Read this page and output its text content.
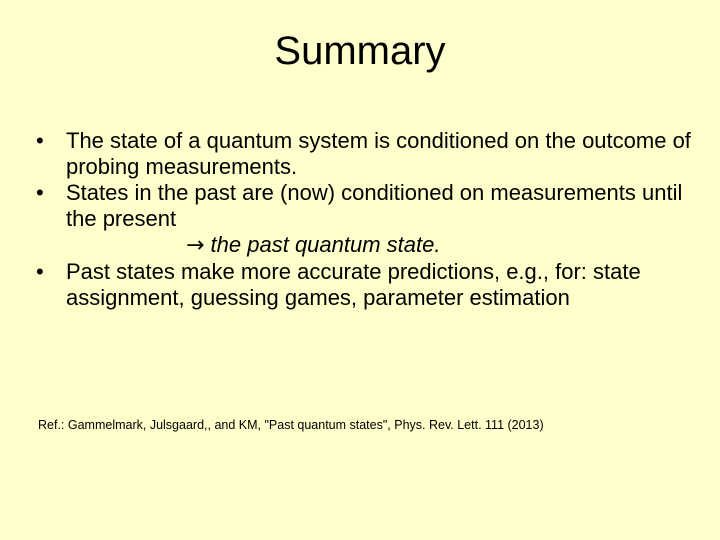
Summary
•	The state of a quantum system is conditioned on the outcome of probing measurements.
•	States in the past are (now) conditioned on measurements until the present
→ the past quantum state.
•	Past states make more accurate predictions, e.g., for: state assignment, guessing games, parameter estimation

Ref.: Gammelmark, Julsgaard,, and KM, "Past quantum states", Phys. Rev. Lett. 111 (2013)
